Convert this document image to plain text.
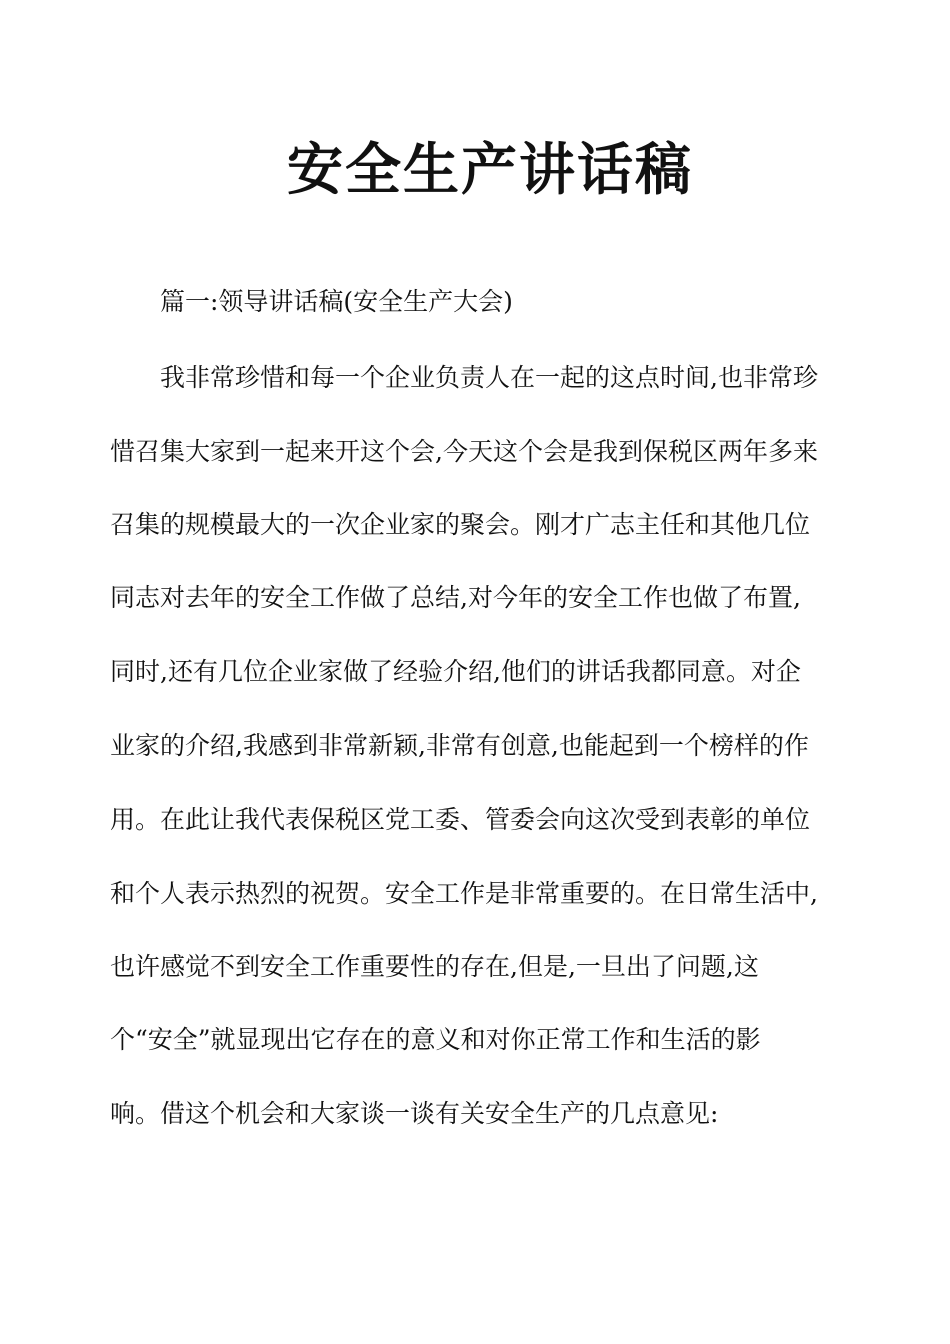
安全生产讲话稿

篇一:领导讲话稿(安全生产大会)

我非常珍惜和每一个企业负责人在一起的这点时间,也非常珍

惜召集大家到一起来开这个会,今天这个会是我到保税区两年多来

召集的规模最大的一次企业家的聚会。刚才广志主任和其他几位

同志对去年的安全工作做了总结,对今年的安全工作也做了布置,

同时,还有几位企业家做了经验介绍,他们的讲话我都同意。对企

业家的介绍,我感到非常新颖,非常有创意,也能起到一个榜样的作

用。在此让我代表保税区党工委、管委会向这次受到表彰的单位

和个人表示热烈的祝贺。安全工作是非常重要的。在日常生活中,

也许感觉不到安全工作重要性的存在,但是,一旦出了问题,这

个“安全”就显现出它存在的意义和对你正常工作和生活的影

响。借这个机会和大家谈一谈有关安全生产的几点意见:
